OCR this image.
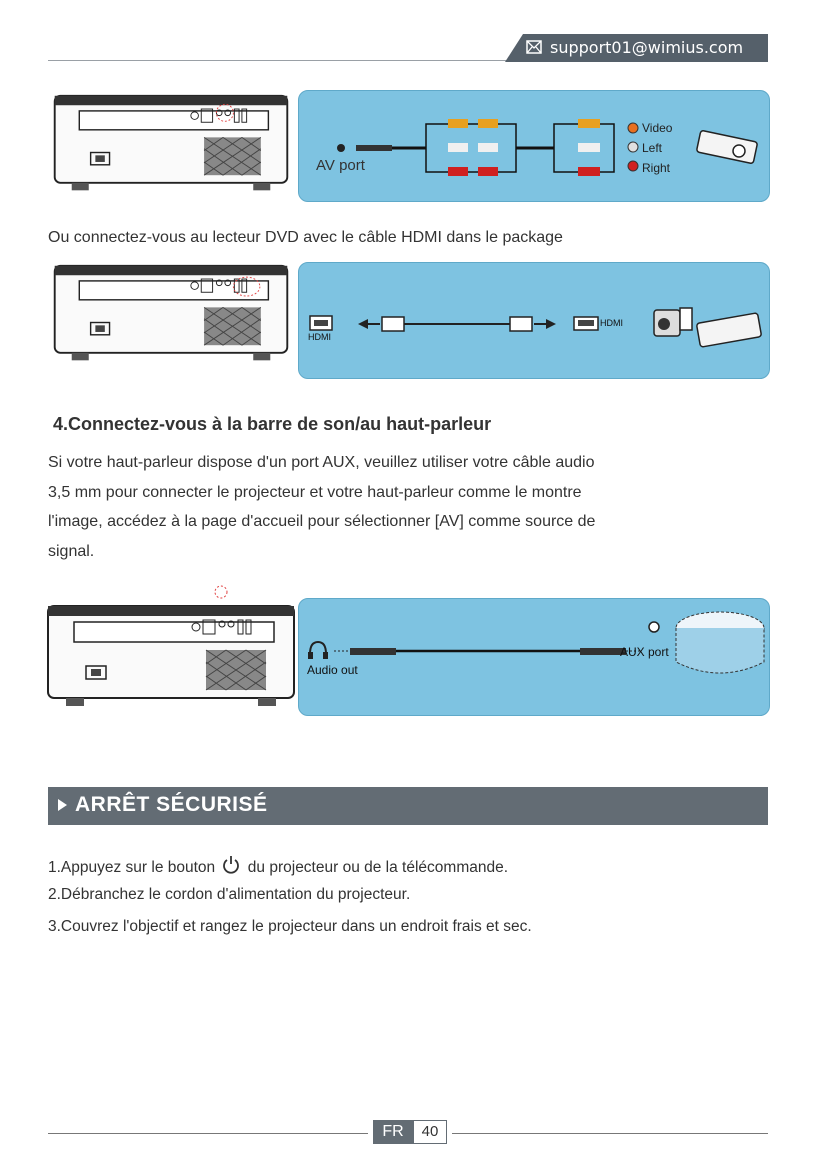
support01@wimius.com
AV port
Video
Left
Right
Ou connectez-vous au lecteur DVD avec le câble HDMI dans le package
HDMI
HDMI
4.Connectez-vous à la barre de son/au haut-parleur
Si votre haut-parleur dispose d'un port AUX, veuillez utiliser votre câble audio
3,5 mm pour connecter le projecteur et votre haut-parleur comme le montre
l'image, accédez à la page d'accueil pour sélectionner [AV] comme source de
signal.
Audio out
AUX port
ARRÊT SÉCURISÉ
1.Appuyez sur le bouton du projecteur ou de la télécommande.
2.Débranchez le cordon d'alimentation du projecteur.
3.Couvrez l'objectif et rangez le projecteur dans un endroit frais et sec.
FR	40
